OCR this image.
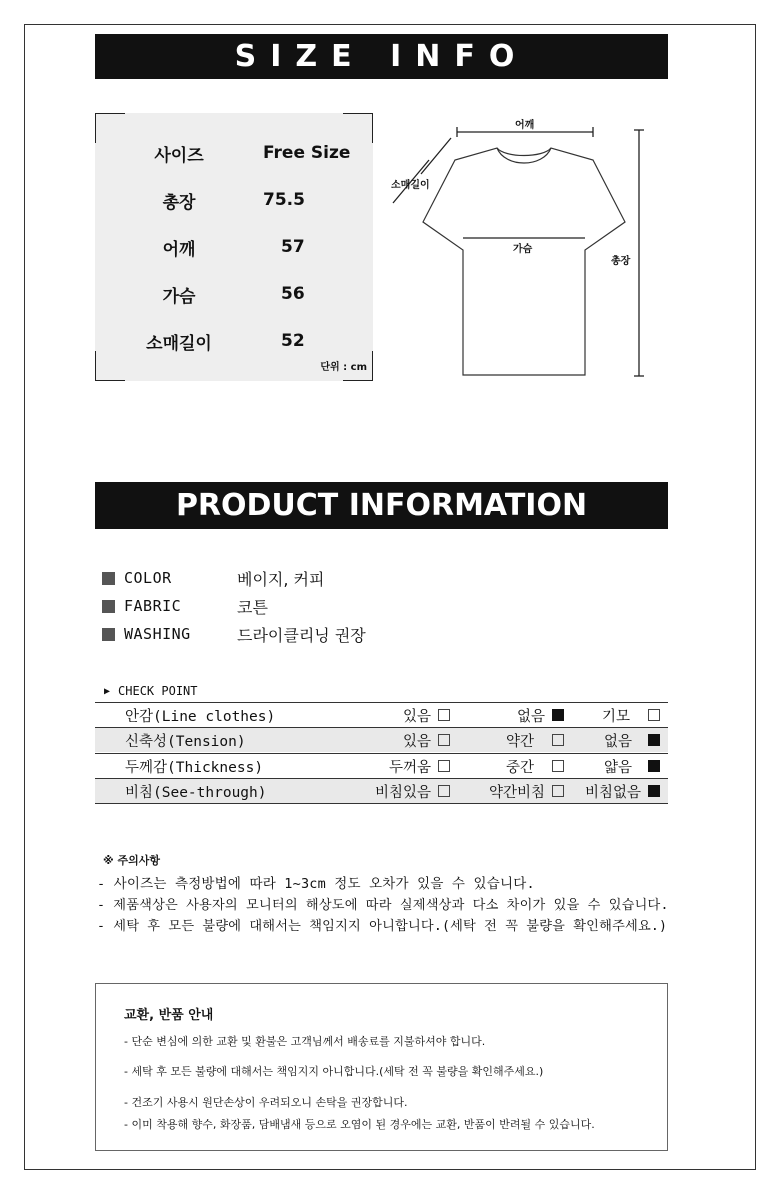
SIZE INFO
사이즈	Free Size
총장	75.5
어깨	57
가슴	56
소매길이	52
단위 : cm
어깨
소매길이
가슴
총장
PRODUCT INFORMATION
COLOR	베이지, 커피
FABRIC	코튼
WASHING	드라이클리닝 권장
▶ CHECK POINT
안감(Line clothes)	있음	없음	기모
신축성(Tension)	있음	약간	없음
두께감(Thickness)	두꺼움	중간	얇음
비침(See-through)	비침있음	약간비침	비침없음
※ 주의사항
- 사이즈는 측정방법에 따라 1~3cm 정도 오차가 있을 수 있습니다.
- 제품색상은 사용자의 모니터의 해상도에 따라 실제색상과 다소 차이가 있을 수 있습니다.
- 세탁 후 모든 불량에 대해서는 책임지지 아니합니다.(세탁 전 꼭 불량을 확인해주세요.)
교환, 반품 안내
- 단순 변심에 의한 교환 및 환불은 고객님께서 배송료를 지불하셔야 합니다.
- 세탁 후 모든 불량에 대해서는 책임지지 아니합니다.(세탁 전 꼭 불량을 확인해주세요.)
- 건조기 사용시 원단손상이 우려되오니 손탁을 권장합니다.
- 이미 착용해 향수, 화장품, 담배냄새 등으로 오염이 된 경우에는 교환, 반품이 반려될 수 있습니다.
